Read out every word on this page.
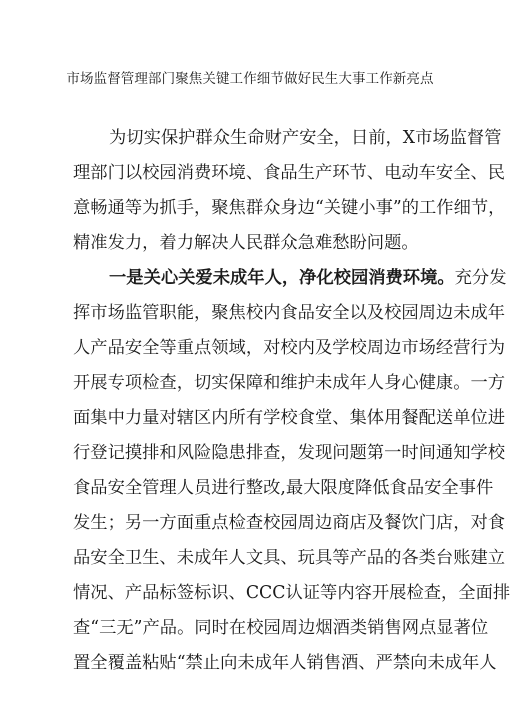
市场监督管理部门聚焦关键工作细节做好民生大事工作新亮点
为切实保护群众生命财产安全，日前，X市场监督管
理部门以校园消费环境、食品生产环节、电动车安全、民
意畅通等为抓手，聚焦群众身边“关键小事”的工作细节，
精准发力，着力解决人民群众急难愁盼问题。
一是关心关爱未成年人，净化校园消费环境。充分发
挥市场监管职能，聚焦校内食品安全以及校园周边未成年
人产品安全等重点领域，对校内及学校周边市场经营行为
开展专项检查，切实保障和维护未成年人身心健康。一方
面集中力量对辖区内所有学校食堂、集体用餐配送单位进
行登记摸排和风险隐患排查，发现问题第一时间通知学校
食品安全管理人员进行整改,最大限度降低食品安全事件
发生；另一方面重点检查校园周边商店及餐饮门店，对食
品安全卫生、未成年人文具、玩具等产品的各类台账建立
情况、产品标签标识、CCC认证等内容开展检查，全面排
查“三无”产品。同时在校园周边烟酒类销售网点显著位
置全覆盖粘贴“禁止向未成年人销售酒、严禁向未成年人
